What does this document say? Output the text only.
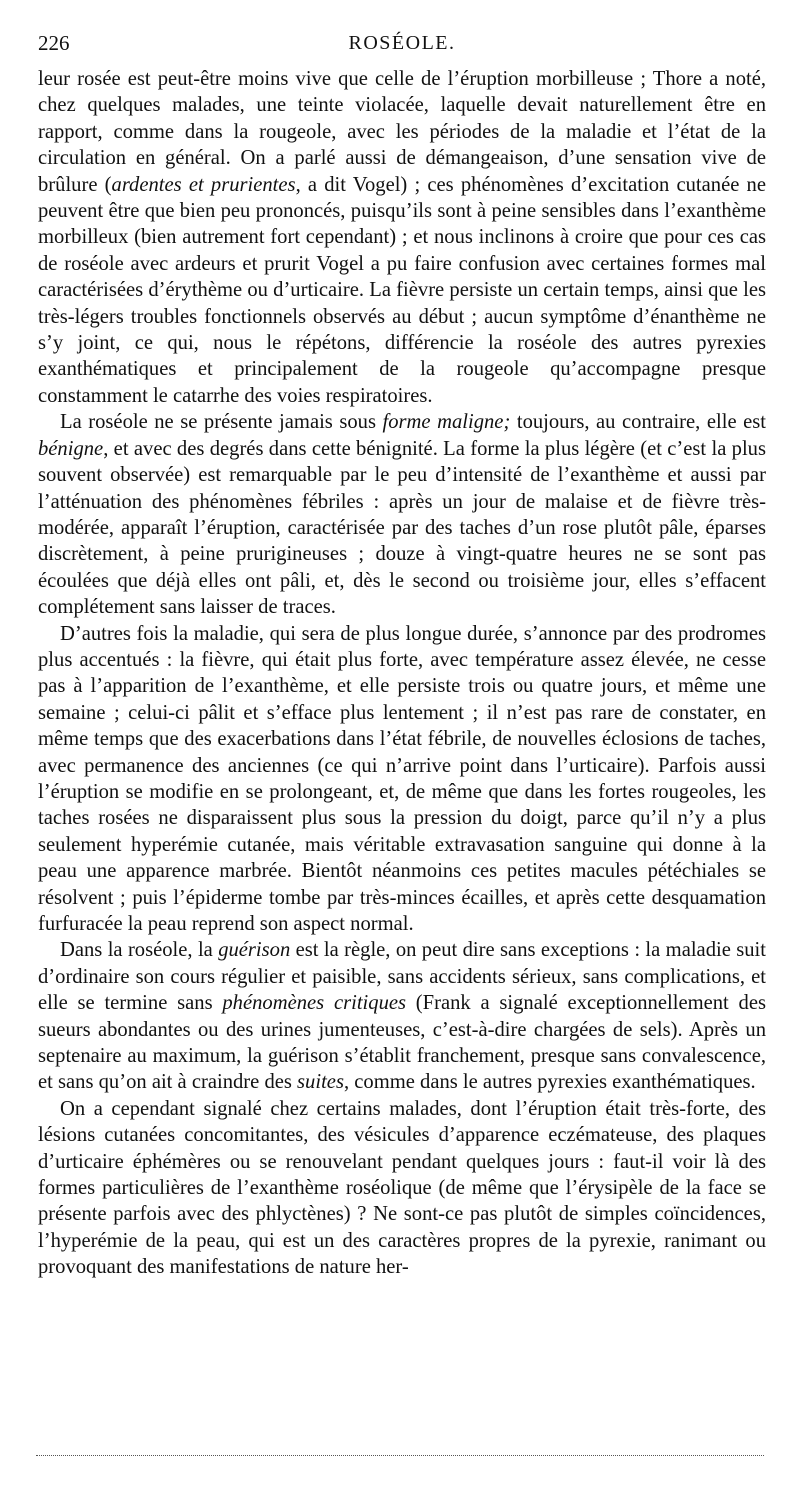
226	ROSÉOLE.

leur rosée est peut-être moins vive que celle de l’éruption morbilleuse ; Thore a noté, chez quelques malades, une teinte violacée, laquelle devait naturellement être en rapport, comme dans la rougeole, avec les périodes de la maladie et l’état de la circulation en général. On a parlé aussi de démangeaison, d’une sensation vive de brûlure (ardentes et prurientes, a dit Vogel) ; ces phénomènes d’excitation cutanée ne peuvent être que bien peu prononcés, puisqu’ils sont à peine sensibles dans l’exanthème morbilleux (bien autrement fort cependant) ; et nous inclinons à croire que pour ces cas de roséole avec ardeurs et prurit Vogel a pu faire confusion avec certaines formes mal caractérisées d’érythème ou d’urticaire. La fièvre persiste un certain temps, ainsi que les très-légers troubles fonctionnels observés au début ; aucun symptôme d’énanthème ne s’y joint, ce qui, nous le répétons, différencie la roséole des autres pyrexies exanthématiques et principalement de la rougeole qu’accompagne presque constamment le catarrhe des voies respiratoires.

La roséole ne se présente jamais sous forme maligne; toujours, au contraire, elle est bénigne, et avec des degrés dans cette bénignité. La forme la plus légère (et c’est la plus souvent observée) est remarquable par le peu d’intensité de l’exanthème et aussi par l’atténuation des phénomènes fébriles : après un jour de malaise et de fièvre très-modérée, apparaît l’éruption, caractérisée par des taches d’un rose plutôt pâle, éparses discrètement, à peine prurigineuses ; douze à vingt-quatre heures ne se sont pas écoulées que déjà elles ont pâli, et, dès le second ou troisième jour, elles s’effacent complétement sans laisser de traces.

D’autres fois la maladie, qui sera de plus longue durée, s’annonce par des prodromes plus accentués : la fièvre, qui était plus forte, avec température assez élevée, ne cesse pas à l’apparition de l’exanthème, et elle persiste trois ou quatre jours, et même une semaine ; celui-ci pâlit et s’efface plus lentement ; il n’est pas rare de constater, en même temps que des exacerbations dans l’état fébrile, de nouvelles éclosions de taches, avec permanence des anciennes (ce qui n’arrive point dans l’urticaire). Parfois aussi l’éruption se modifie en se prolongeant, et, de même que dans les fortes rougeoles, les taches rosées ne disparaissent plus sous la pression du doigt, parce qu’il n’y a plus seulement hyperémie cutanée, mais véritable extravasation sanguine qui donne à la peau une apparence marbrée. Bientôt néanmoins ces petites macules pétéchiales se résolvent ; puis l’épiderme tombe par très-minces écailles, et après cette desquamation furfuracée la peau reprend son aspect normal.

Dans la roséole, la guérison est la règle, on peut dire sans exceptions : la maladie suit d’ordinaire son cours régulier et paisible, sans accidents sérieux, sans complications, et elle se termine sans phénomènes critiques (Frank a signalé exceptionnellement des sueurs abondantes ou des urines jumenteuses, c’est-à-dire chargées de sels). Après un septenaire au maximum, la guérison s’établit franchement, presque sans convalescence, et sans qu’on ait à craindre des suites, comme dans le autres pyrexies exanthématiques.

On a cependant signalé chez certains malades, dont l’éruption était très-forte, des lésions cutanées concomitantes, des vésicules d’apparence eczémateuse, des plaques d’urticaire éphémères ou se renouvelant pendant quelques jours : faut-il voir là des formes particulières de l’exanthème roséolique (de même que l’érysipèle de la face se présente parfois avec des phlyctènes) ? Ne sont-ce pas plutôt de simples coïncidences, l’hyperémie de la peau, qui est un des caractères propres de la pyrexie, ranimant ou provoquant des manifestations de nature her-
